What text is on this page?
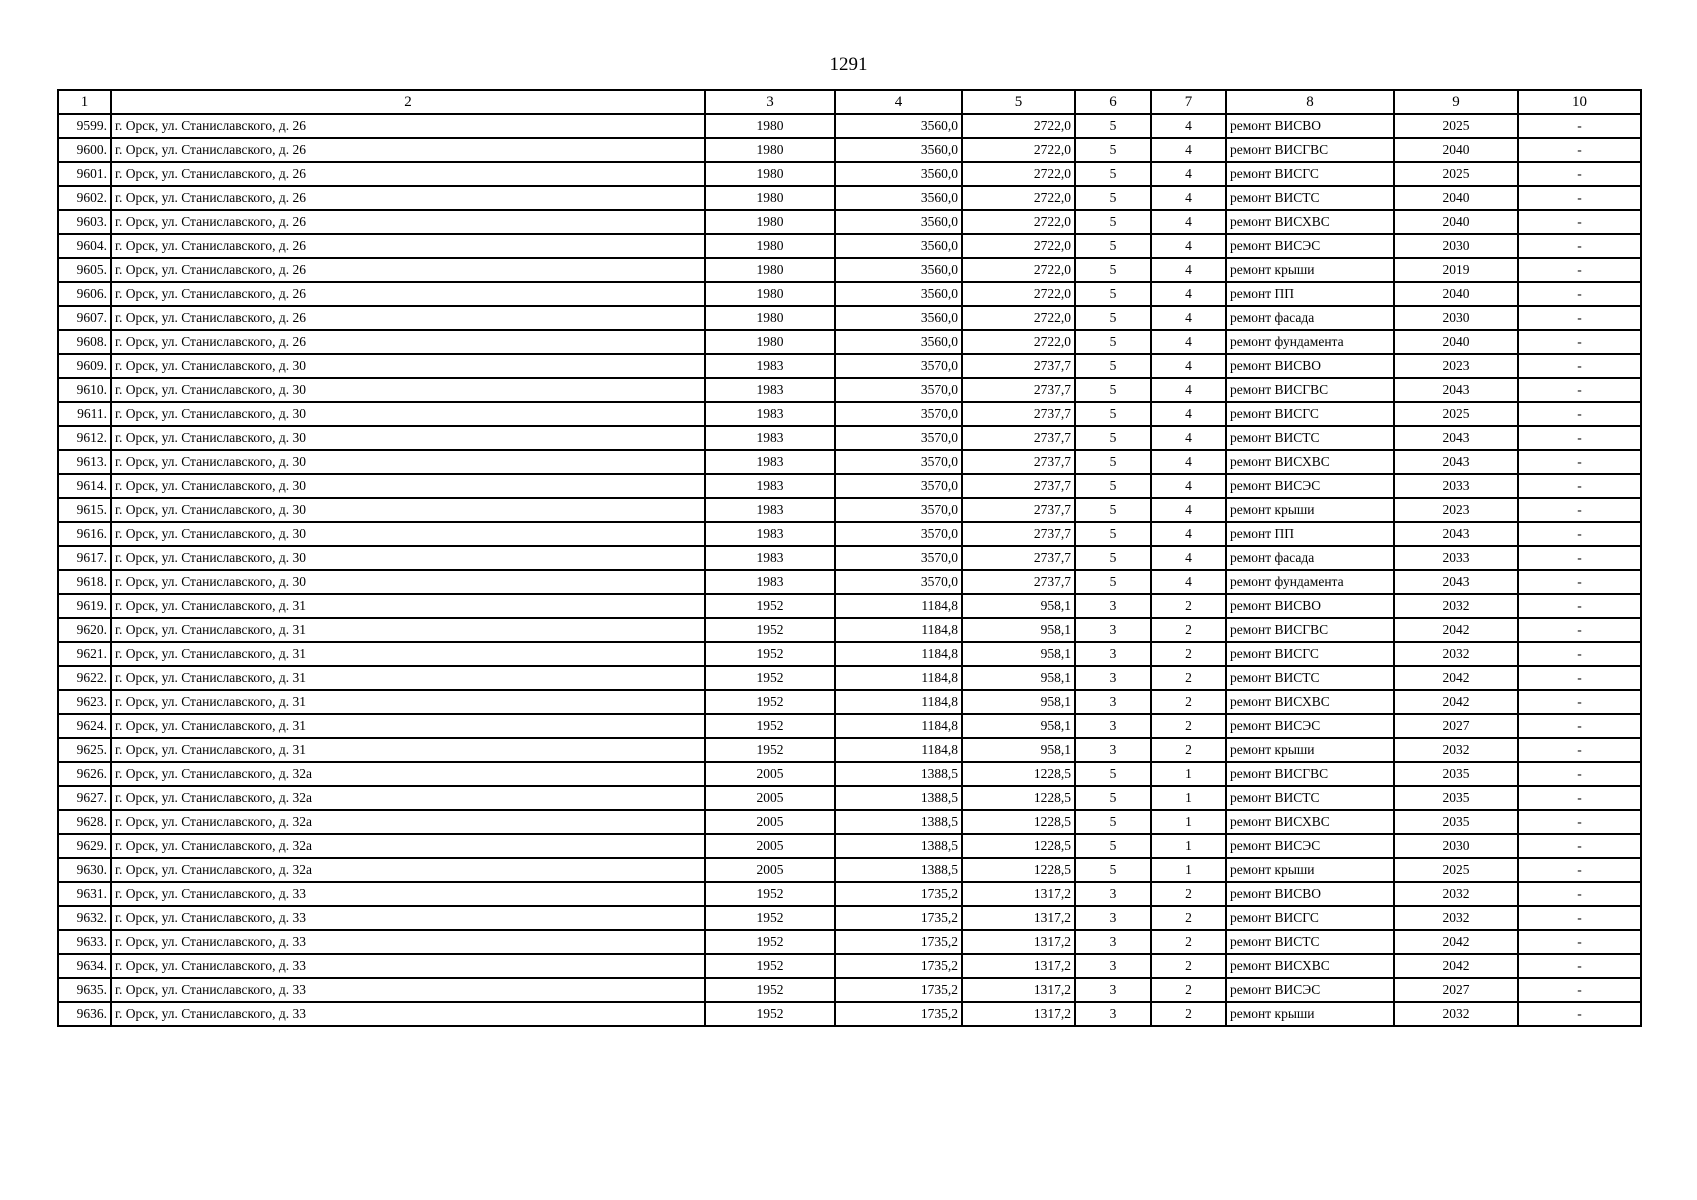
1291
1	2	3	4	5	6	7	8	9	10
9599.	г. Орск, ул. Станиславского, д. 26	1980	3560,0	2722,0	5	4	ремонт ВИСВО	2025	-
9600.	г. Орск, ул. Станиславского, д. 26	1980	3560,0	2722,0	5	4	ремонт ВИСГВС	2040	-
9601.	г. Орск, ул. Станиславского, д. 26	1980	3560,0	2722,0	5	4	ремонт ВИСГС	2025	-
9602.	г. Орск, ул. Станиславского, д. 26	1980	3560,0	2722,0	5	4	ремонт ВИСТС	2040	-
9603.	г. Орск, ул. Станиславского, д. 26	1980	3560,0	2722,0	5	4	ремонт ВИСХВС	2040	-
9604.	г. Орск, ул. Станиславского, д. 26	1980	3560,0	2722,0	5	4	ремонт ВИСЭС	2030	-
9605.	г. Орск, ул. Станиславского, д. 26	1980	3560,0	2722,0	5	4	ремонт крыши	2019	-
9606.	г. Орск, ул. Станиславского, д. 26	1980	3560,0	2722,0	5	4	ремонт ПП	2040	-
9607.	г. Орск, ул. Станиславского, д. 26	1980	3560,0	2722,0	5	4	ремонт фасада	2030	-
9608.	г. Орск, ул. Станиславского, д. 26	1980	3560,0	2722,0	5	4	ремонт фундамента	2040	-
9609.	г. Орск, ул. Станиславского, д. 30	1983	3570,0	2737,7	5	4	ремонт ВИСВО	2023	-
9610.	г. Орск, ул. Станиславского, д. 30	1983	3570,0	2737,7	5	4	ремонт ВИСГВС	2043	-
9611.	г. Орск, ул. Станиславского, д. 30	1983	3570,0	2737,7	5	4	ремонт ВИСГС	2025	-
9612.	г. Орск, ул. Станиславского, д. 30	1983	3570,0	2737,7	5	4	ремонт ВИСТС	2043	-
9613.	г. Орск, ул. Станиславского, д. 30	1983	3570,0	2737,7	5	4	ремонт ВИСХВС	2043	-
9614.	г. Орск, ул. Станиславского, д. 30	1983	3570,0	2737,7	5	4	ремонт ВИСЭС	2033	-
9615.	г. Орск, ул. Станиславского, д. 30	1983	3570,0	2737,7	5	4	ремонт крыши	2023	-
9616.	г. Орск, ул. Станиславского, д. 30	1983	3570,0	2737,7	5	4	ремонт ПП	2043	-
9617.	г. Орск, ул. Станиславского, д. 30	1983	3570,0	2737,7	5	4	ремонт фасада	2033	-
9618.	г. Орск, ул. Станиславского, д. 30	1983	3570,0	2737,7	5	4	ремонт фундамента	2043	-
9619.	г. Орск, ул. Станиславского, д. 31	1952	1184,8	958,1	3	2	ремонт ВИСВО	2032	-
9620.	г. Орск, ул. Станиславского, д. 31	1952	1184,8	958,1	3	2	ремонт ВИСГВС	2042	-
9621.	г. Орск, ул. Станиславского, д. 31	1952	1184,8	958,1	3	2	ремонт ВИСГС	2032	-
9622.	г. Орск, ул. Станиславского, д. 31	1952	1184,8	958,1	3	2	ремонт ВИСТС	2042	-
9623.	г. Орск, ул. Станиславского, д. 31	1952	1184,8	958,1	3	2	ремонт ВИСХВС	2042	-
9624.	г. Орск, ул. Станиславского, д. 31	1952	1184,8	958,1	3	2	ремонт ВИСЭС	2027	-
9625.	г. Орск, ул. Станиславского, д. 31	1952	1184,8	958,1	3	2	ремонт крыши	2032	-
9626.	г. Орск, ул. Станиславского, д. 32а	2005	1388,5	1228,5	5	1	ремонт ВИСГВС	2035	-
9627.	г. Орск, ул. Станиславского, д. 32а	2005	1388,5	1228,5	5	1	ремонт ВИСТС	2035	-
9628.	г. Орск, ул. Станиславского, д. 32а	2005	1388,5	1228,5	5	1	ремонт ВИСХВС	2035	-
9629.	г. Орск, ул. Станиславского, д. 32а	2005	1388,5	1228,5	5	1	ремонт ВИСЭС	2030	-
9630.	г. Орск, ул. Станиславского, д. 32а	2005	1388,5	1228,5	5	1	ремонт крыши	2025	-
9631.	г. Орск, ул. Станиславского, д. 33	1952	1735,2	1317,2	3	2	ремонт ВИСВО	2032	-
9632.	г. Орск, ул. Станиславского, д. 33	1952	1735,2	1317,2	3	2	ремонт ВИСГС	2032	-
9633.	г. Орск, ул. Станиславского, д. 33	1952	1735,2	1317,2	3	2	ремонт ВИСТС	2042	-
9634.	г. Орск, ул. Станиславского, д. 33	1952	1735,2	1317,2	3	2	ремонт ВИСХВС	2042	-
9635.	г. Орск, ул. Станиславского, д. 33	1952	1735,2	1317,2	3	2	ремонт ВИСЭС	2027	-
9636.	г. Орск, ул. Станиславского, д. 33	1952	1735,2	1317,2	3	2	ремонт крыши	2032	-
